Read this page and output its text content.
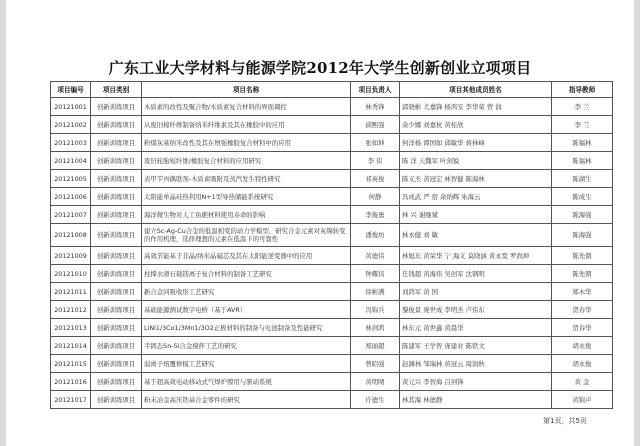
广东工业大学材料与能源学院2012年大学生创新创业立项项目
项目编号	项目类别	项目名称	项目负责人	项目其他成员姓名	指导教师
20121001	创新训练项目	木质素的改性及聚合物/木质素复合材料的界面调控	林秀锋	郭晓彬 尤嘉锋 杨鸿安 李华荣 曾 润	李 兰
20121002	创新训练项目	从废旧棉纤维制备纳米纤维素及其在橡胶中的应用	邱熙强	余少娜 刘嘉杭 黄桂欣	李 兰
20121003	创新训练项目	粉煤灰基纳米改性及其在增强橡胶复合材料中的应用	张如坤	何洋杨 谭国如 邱敏华 蒋林峰	陈福林
20121004	创新训练项目	废旧轮胎短纤维/橡胶复合材料的应用研究	李 伟	陈 洋 天魏军 叶剑锐	陈福林
20121005	创新训练项目	表甲苄丙偶联剂-木质素吸附及蒸汽发生特性研究	祁英俊	陈义杰 黄冠宏 林智健 陈海林	陈湖生
20121006	创新训练项目	太阳能单晶硅热利用N+1型导热储能系统研究	何静	冯成武 严 宿 余纳辉 朱海云	陈成生
20121007	创新训练项目	海洋微生物对人工鱼礁材料使用寿命的影响	李俊勇	林 兴 谢继斌	陈海强
20121008	创新训练项目	建立Sc-Ag-Cu合金的低温相变的动力学模型，研究合金元素对灰锡转变的作用机理，选择理想的元素在低温下的可靠性	潘俊坊	林永健 刘 敏	陈海强
20121009	创新训练项目	高效节能基于非晶/纳米晶磁芯及其在太阳能逆变器中的应用	黄德伟	林旭东 黄荣华 宁 海义 莫晓涵 黄永宽 罗尚坤	陈先朝
20121010	创新训练项目	柱撑水滑石载镁离子复合材料的制备工艺研究	钟耀伟	任钱超 黄海伟 吴创军 沈钢明	陈先朝
20121011	创新训练项目	新合金同吸收形工艺研究	徐彬满	刘鸿军 黄 国	郑木华
20121012	创新训练项目	基础能源测试数字电桥（基于AVR）	冯锦兵	黎俊景 庞世成 李明杰 卢伟东	贺春华
20121013	创新训练项目	LiNi1/3Co1/3Mn1/3O2正极材料的制备与电池制备及性能研究	林剑鸿	林东元 黄世鑫 黄晨华	贺春华
20121014	创新训练项目	半固态Sn-5i合金搅拌工艺的研究	郑丽超	陈建军 王学智 庞建业 陈铁文	胡永俊
20121015	创新训练项目	弱离子熔覆修模工艺研究	曾昭强	赵渊林 邹瑞林 黄冠云 周润秋	胡永俊
20121016	创新训练项目	基于超高效电动移动式气焊炉膛用与驱动系统	黄明晴	黄元兴 李智海 吕剑锋	黄 金
20121017	创新训练项目	粉末冶金高压铁基合金零件的研究	许德生	林其海 林德静	黄锦声
第1页，共5页
